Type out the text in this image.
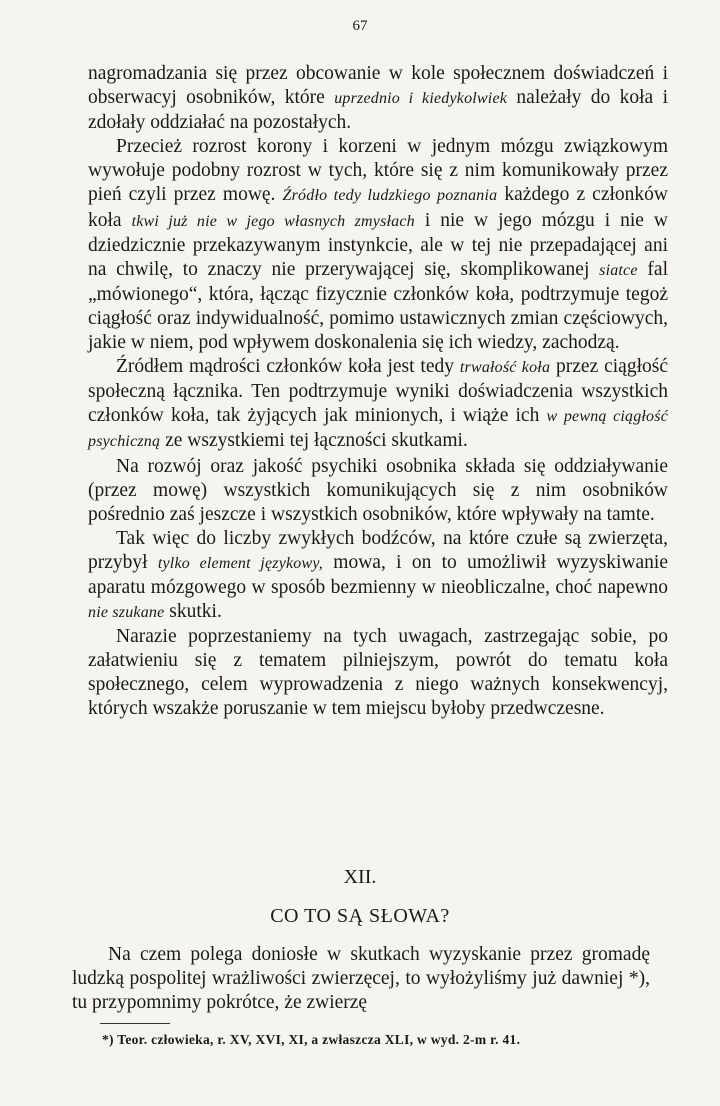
67

nagromadzania się przez obcowanie w kole społecznem doświadczeń i obserwacyj osobników, które uprzednio i kiedykolwiek należały do koła i zdołały oddziałać na pozostałych.

Przecież rozrost korony i korzeni w jednym mózgu związkowym wywołuje podobny rozrost w tych, które się z nim komunikowały przez pień czyli przez mowę. Źródło tedy ludzkiego poznania każdego z członków koła tkwi już nie w jego własnych zmysłach i nie w jego mózgu i nie w dziedzicznie przekazywanym instynkcie, ale w tej nie przepadającej ani na chwilę, to znaczy nie przerywającej się, skomplikowanej siatce fal „mówionego“, która, łącząc fizycznie członków koła, podtrzymuje tegoż ciągłość oraz indywidualność, pomimo ustawicznych zmian częściowych, jakie w niem, pod wpływem doskonalenia się ich wiedzy, zachodzą.

Źródłem mądrości członków koła jest tedy trwałość koła przez ciągłość społeczną łącznika. Ten podtrzymuje wyniki doświadczenia wszystkich członków koła, tak żyjących jak minionych, i wiąże ich w pewną ciągłość psychiczną ze wszystkiemi tej łączności skutkami.

Na rozwój oraz jakość psychiki osobnika składa się oddziaływanie (przez mowę) wszystkich komunikujących się z nim osobników pośrednio zaś jeszcze i wszystkich osobników, które wpływały na tamte.

Tak więc do liczby zwykłych bodźców, na które czułe są zwierzęta, przybył tylko element językowy, mowa, i on to umożliwił wyzyskiwanie aparatu mózgowego w sposób bezmienny w nieobliczalne, choć napewno nie szukane skutki.

Narazie poprzestaniemy na tych uwagach, zastrzegając sobie, po załatwieniu się z tematem pilniejszym, powrót do tematu koła społecznego, celem wyprowadzenia z niego ważnych konsekwencyj, których wszakże poruszanie w tem miejscu byłoby przedwczesne.

XII.
CO TO SĄ SŁOWA?

Na czem polega doniosłe w skutkach wyzyskanie przez gromadę ludzką pospolitej wrażliwości zwierzęcej, to wyłożyliśmy już dawniej *), tu przypomnimy pokrótce, że zwierzę

*) Teor. człowieka, r. XV, XVI, XI, a zwłaszcza XLI, w wyd. 2-m r. 41.
